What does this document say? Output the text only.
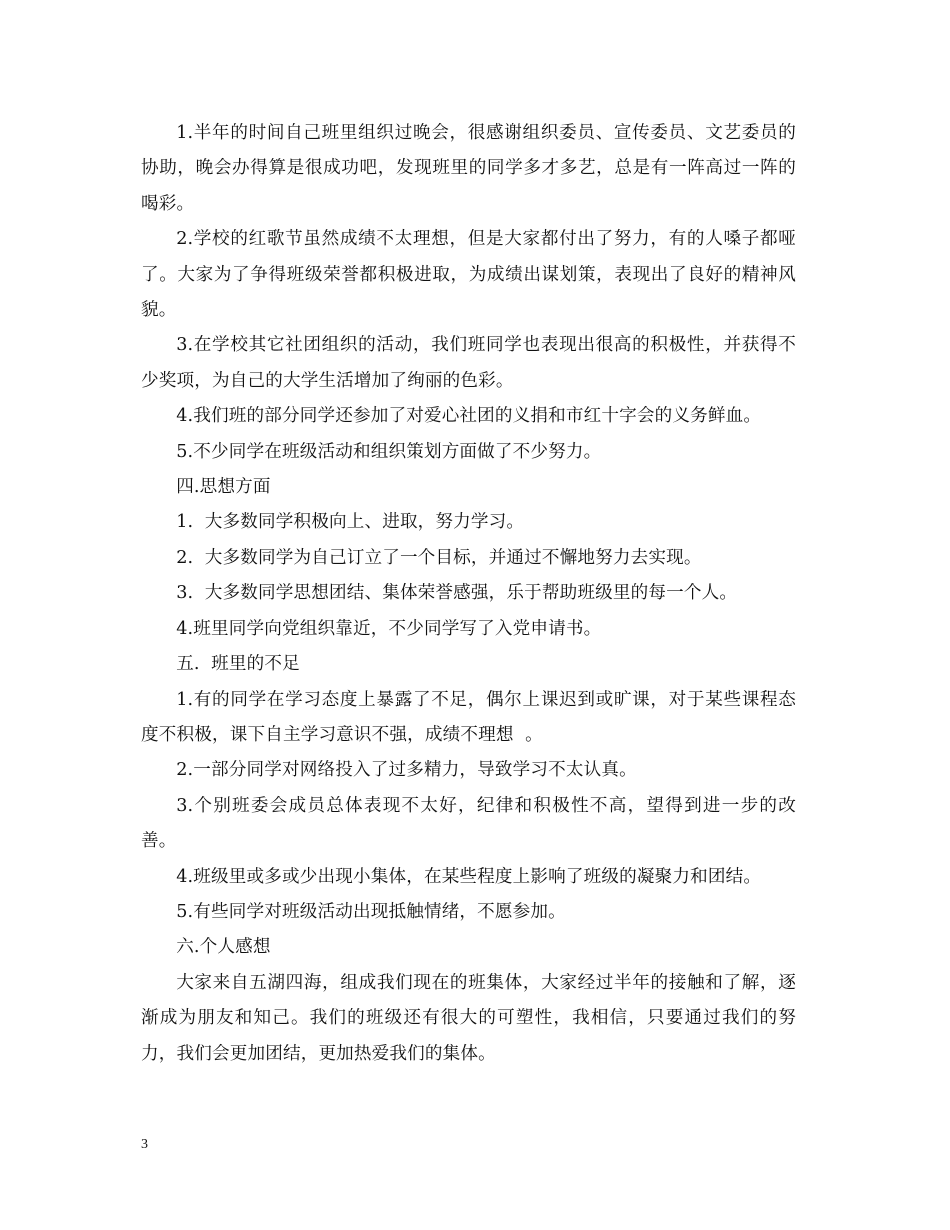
1.半年的时间自己班里组织过晚会，很感谢组织委员、宣传委员、文艺委员的协助，晚会办得算是很成功吧，发现班里的同学多才多艺，总是有一阵高过一阵的喝彩。

2.学校的红歌节虽然成绩不太理想，但是大家都付出了努力，有的人嗓子都哑了。大家为了争得班级荣誉都积极进取，为成绩出谋划策，表现出了良好的精神风貌。

3.在学校其它社团组织的活动，我们班同学也表现出很高的积极性，并获得不少奖项，为自己的大学生活增加了绚丽的色彩。

4.我们班的部分同学还参加了对爱心社团的义捐和市红十字会的义务鲜血。

5.不少同学在班级活动和组织策划方面做了不少努力。

四.思想方面

1.  大多数同学积极向上、进取，努力学习。

2.  大多数同学为自己订立了一个目标，并通过不懈地努力去实现。

3.  大多数同学思想团结、集体荣誉感强，乐于帮助班级里的每一个人。

4.班里同学向党组织靠近，不少同学写了入党申请书。

五.  班里的不足

1.有的同学在学习态度上暴露了不足，偶尔上课迟到或旷课，对于某些课程态度不积极，课下自主学习意识不强，成绩不理想  。

2.一部分同学对网络投入了过多精力，导致学习不太认真。

3.个别班委会成员总体表现不太好，纪律和积极性不高，望得到进一步的改善。

4.班级里或多或少出现小集体，在某些程度上影响了班级的凝聚力和团结。

5.有些同学对班级活动出现抵触情绪，不愿参加。

六.个人感想

大家来自五湖四海，组成我们现在的班集体，大家经过半年的接触和了解，逐渐成为朋友和知己。我们的班级还有很大的可塑性，我相信，只要通过我们的努力，我们会更加团结，更加热爱我们的集体。

3
